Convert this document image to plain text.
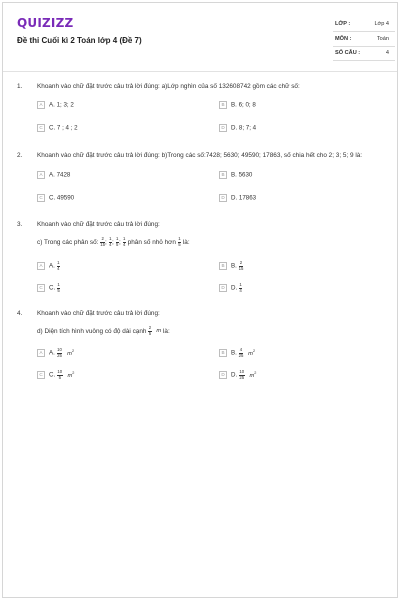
QUIZIZZ
Đề thi Cuối kì 2 Toán lớp 4 (Đề 7)
LỚP :	Lớp 4
MÔN :	Toán
SỐ CÂU :	4
1. Khoanh vào chữ đặt trước câu trả lời đúng: a)Lớp nghìn của số 132608742 gồm các chữ số:
A A. 1; 3; 2	B B. 6; 0; 8
C C. 7 ; 4 ; 2	D D. 8; 7; 4
2. Khoanh vào chữ đặt trước câu trả lời đúng: b)Trong các số:7428; 5630; 49590; 17863, số chia hết cho 2; 3; 5; 9 là:
A A. 7428	B B. 5630
C C. 49590	D D. 17863
3. Khoanh vào chữ đặt trước câu trả lời đúng:
c) Trong các phân số: $\frac{2}{15}$ ; $\frac{1}{4}$ ; $\frac{1}{5}$ ; $\frac{1}{4}$ phân số nhỏ hơn $\frac{1}{5}$ là:
A A. $\frac{1}{4}$	B B. $\frac{2}{15}$
C C. $\frac{1}{5}$	D D. $\frac{1}{4}$
4. Khoanh vào chữ đặt trước câu trả lời đúng:
d) Diện tích hình vuông có độ dài cạnh $\frac{2}{5}$ m là:
A A. $\frac{10}{25} m^2$	B B. $\frac{4}{25} m^2$
C C. $\frac{10}{5} m^2$	D D. $\frac{10}{25} m^2$
